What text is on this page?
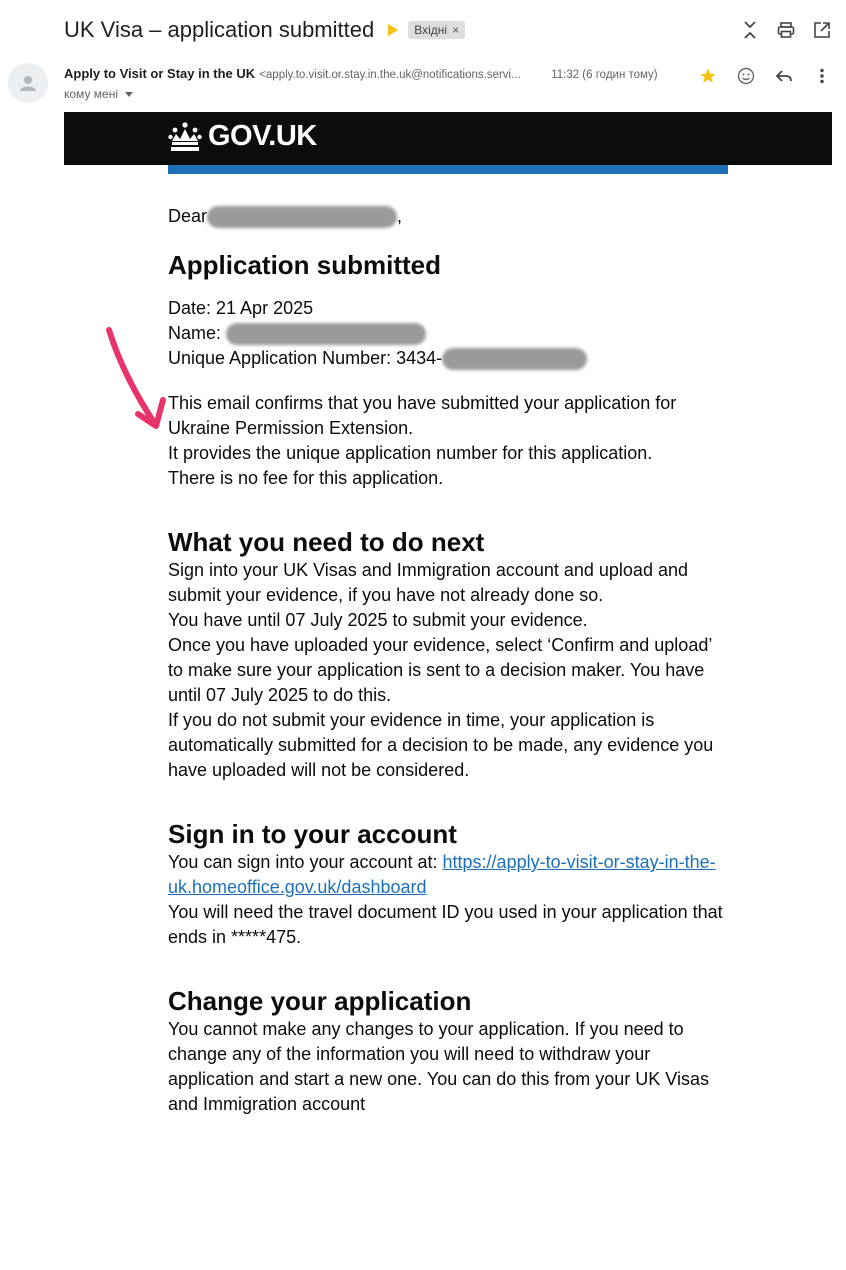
UK Visa – application submitted	Вхідні ×
Apply to Visit or Stay in the UK <apply.to.visit.or.stay.in.the.uk@notifications.servi...	11:32 (6 годин тому)
кому мені
GOV.UK

Dear	,

Application submitted

Date: 21 Apr 2025

Name:

Unique Application Number: 3434-

This email confirms that you have submitted your application for Ukraine Permission Extension.

It provides the unique application number for this application.

There is no fee for this application.

What you need to do next

Sign into your UK Visas and Immigration account and upload and submit your evidence, if you have not already done so.

You have until 07 July 2025 to submit your evidence.

Once you have uploaded your evidence, select ‘Confirm and upload’ to make sure your application is sent to a decision maker. You have until 07 July 2025 to do this.

If you do not submit your evidence in time, your application is automatically submitted for a decision to be made, any evidence you have uploaded will not be considered.

Sign in to your account

You can sign into your account at: https://apply-to-visit-or-stay-in-the-uk.homeoffice.gov.uk/dashboard

You will need the travel document ID you used in your application that ends in *****475.

Change your application

You cannot make any changes to your application. If you need to change any of the information you will need to withdraw your application and start a new one. You can do this from your UK Visas and Immigration account
